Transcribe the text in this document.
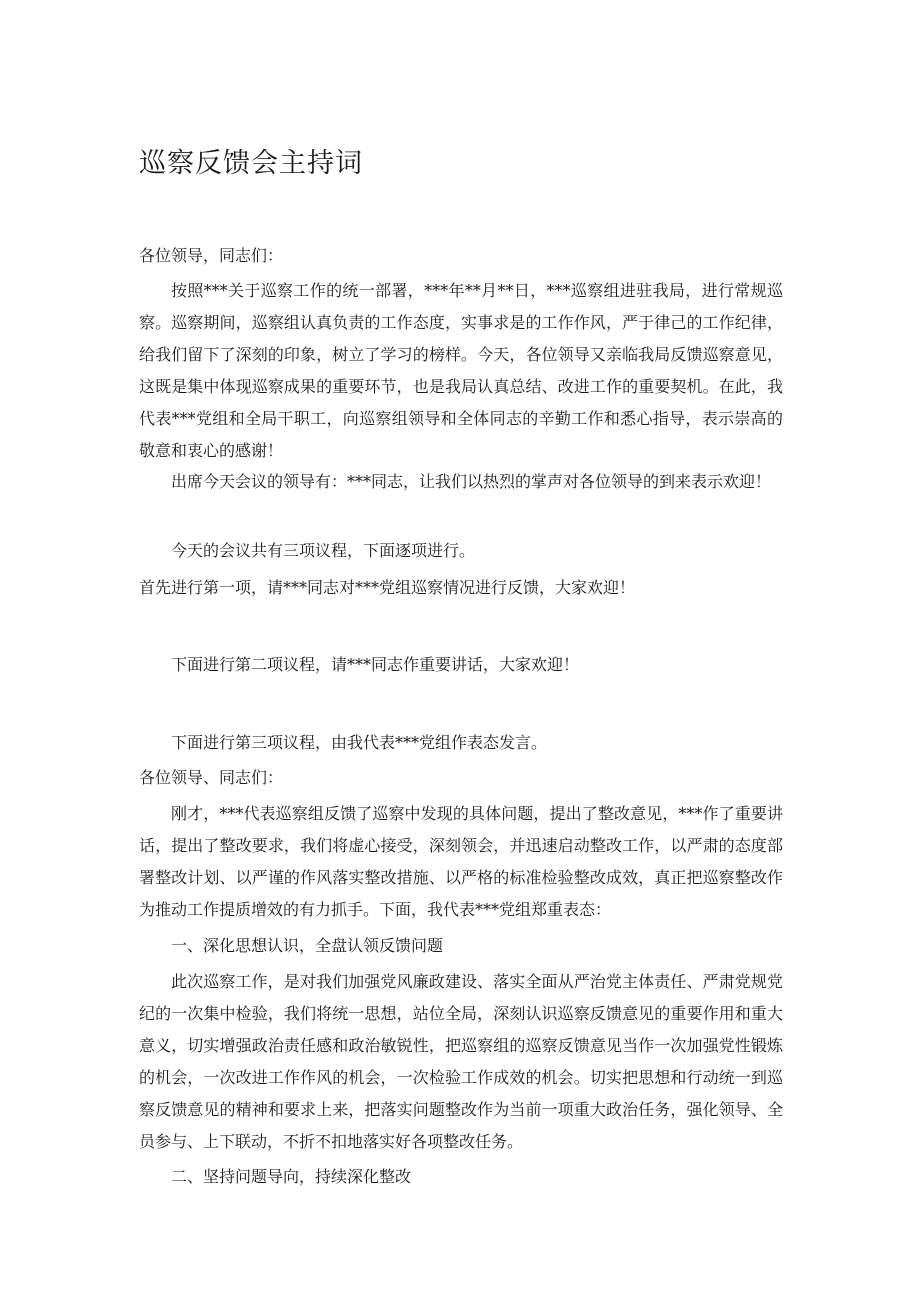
巡察反馈会主持词

各位领导，同志们：

按照***关于巡察工作的统一部署，***年**月**日，***巡察组进驻我局，进行常规巡察。巡察期间，巡察组认真负责的工作态度，实事求是的工作作风，严于律己的工作纪律，给我们留下了深刻的印象，树立了学习的榜样。今天，各位领导又亲临我局反馈巡察意见，这既是集中体现巡察成果的重要环节，也是我局认真总结、改进工作的重要契机。在此，我代表***党组和全局干职工，向巡察组领导和全体同志的辛勤工作和悉心指导，表示崇高的敬意和衷心的感谢！

出席今天会议的领导有：***同志，让我们以热烈的掌声对各位领导的到来表示欢迎！

今天的会议共有三项议程，下面逐项进行。

首先进行第一项，请***同志对***党组巡察情况进行反馈，大家欢迎！

下面进行第二项议程，请***同志作重要讲话，大家欢迎！

下面进行第三项议程，由我代表***党组作表态发言。

各位领导、同志们：

刚才，***代表巡察组反馈了巡察中发现的具体问题，提出了整改意见，***作了重要讲话，提出了整改要求，我们将虚心接受，深刻领会，并迅速启动整改工作，以严肃的态度部署整改计划、以严谨的作风落实整改措施、以严格的标准检验整改成效，真正把巡察整改作为推动工作提质增效的有力抓手。下面，我代表***党组郑重表态：

一、深化思想认识，全盘认领反馈问题

此次巡察工作，是对我们加强党风廉政建设、落实全面从严治党主体责任、严肃党规党纪的一次集中检验，我们将统一思想，站位全局，深刻认识巡察反馈意见的重要作用和重大意义，切实增强政治责任感和政治敏锐性，把巡察组的巡察反馈意见当作一次加强党性锻炼的机会，一次改进工作作风的机会，一次检验工作成效的机会。切实把思想和行动统一到巡察反馈意见的精神和要求上来，把落实问题整改作为当前一项重大政治任务，强化领导、全员参与、上下联动，不折不扣地落实好各项整改任务。

二、坚持问题导向，持续深化整改
